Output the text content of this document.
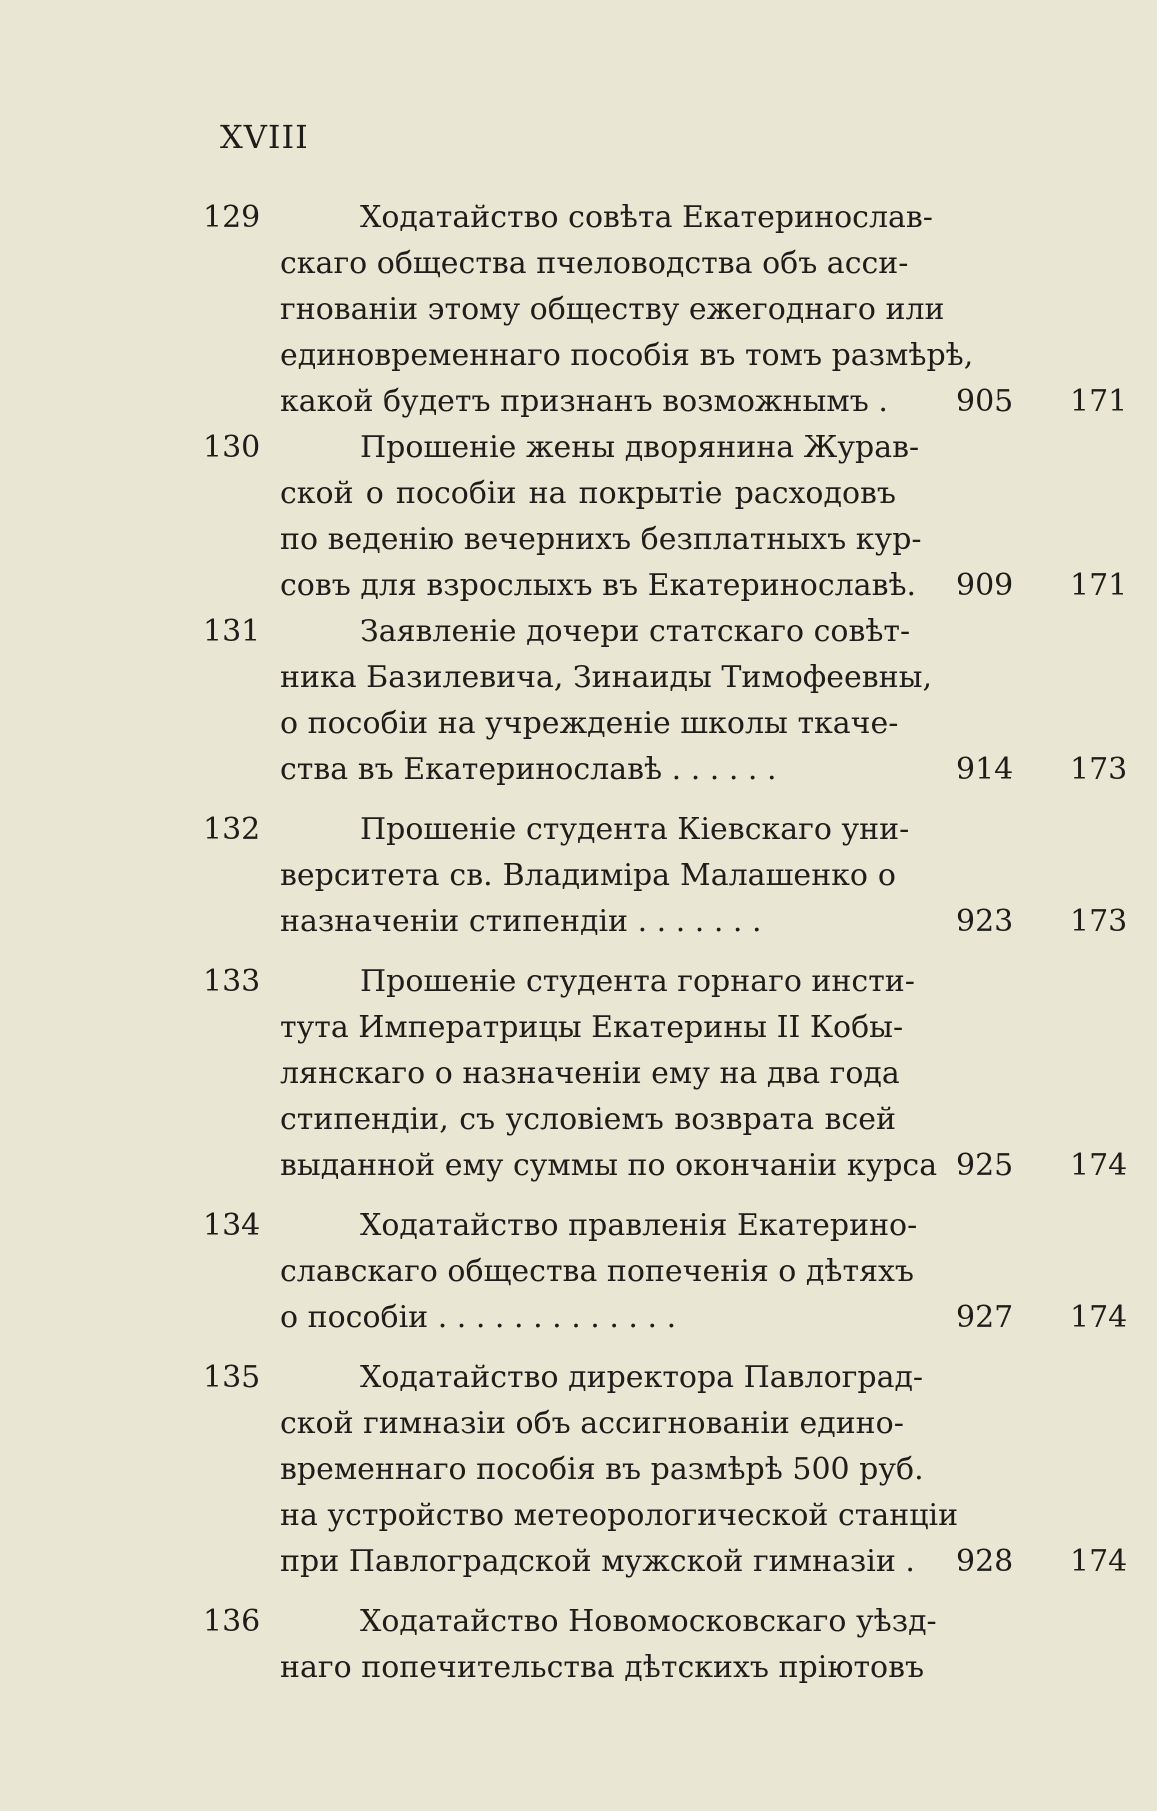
XVIII
129	Ходатайство совѣта Екатеринослав-
скаго общества пчеловодства объ асси-
гнованіи этому обществу ежегоднаго или
единовременнаго пособія въ томъ размѣрѣ,
какой будетъ признанъ возможнымъ . 905 171
130	Прошеніе жены дворянина Журав-
ской о пособіи на покрытіе расходовъ
по веденію вечернихъ безплатныхъ кур-
совъ для взрослыхъ въ Екатеринославѣ. 909 171
131	Заявленіе дочери статскаго совѣт-
ника Базилевича, Зинаиды Тимофеевны,
о пособіи на учрежденіе школы ткаче-
ства въ Екатеринославѣ . . . . . .	914 173
132	Прошеніе студента Кіевскаго уни-
верситета св. Владиміра Малашенко о
назначеніи стипендіи . . . . . . .	923 173
133	Прошеніе студента горнаго инсти-
тута Императрицы Екатерины II Кобы-
лянскаго о назначеніи ему на два года
стипендіи, съ условіемъ возврата всей
выданной ему суммы по окончаніи курса 925 174
134	Ходатайство правленія Екатерино-
славскаго общества попеченія о дѣтяхъ
о пособіи . . . . . . . . . . . . .	927 174
135	Ходатайство директора Павлоград-
ской гимназіи объ ассигнованіи едино-
временнаго пособія въ размѣрѣ 500 руб.
на устройство метеорологической станціи
при Павлоградской мужской гимназіи . 928 174
136	Ходатайство Новомосковскаго уѣзд-
наго попечительства дѣтскихъ пріютовъ
